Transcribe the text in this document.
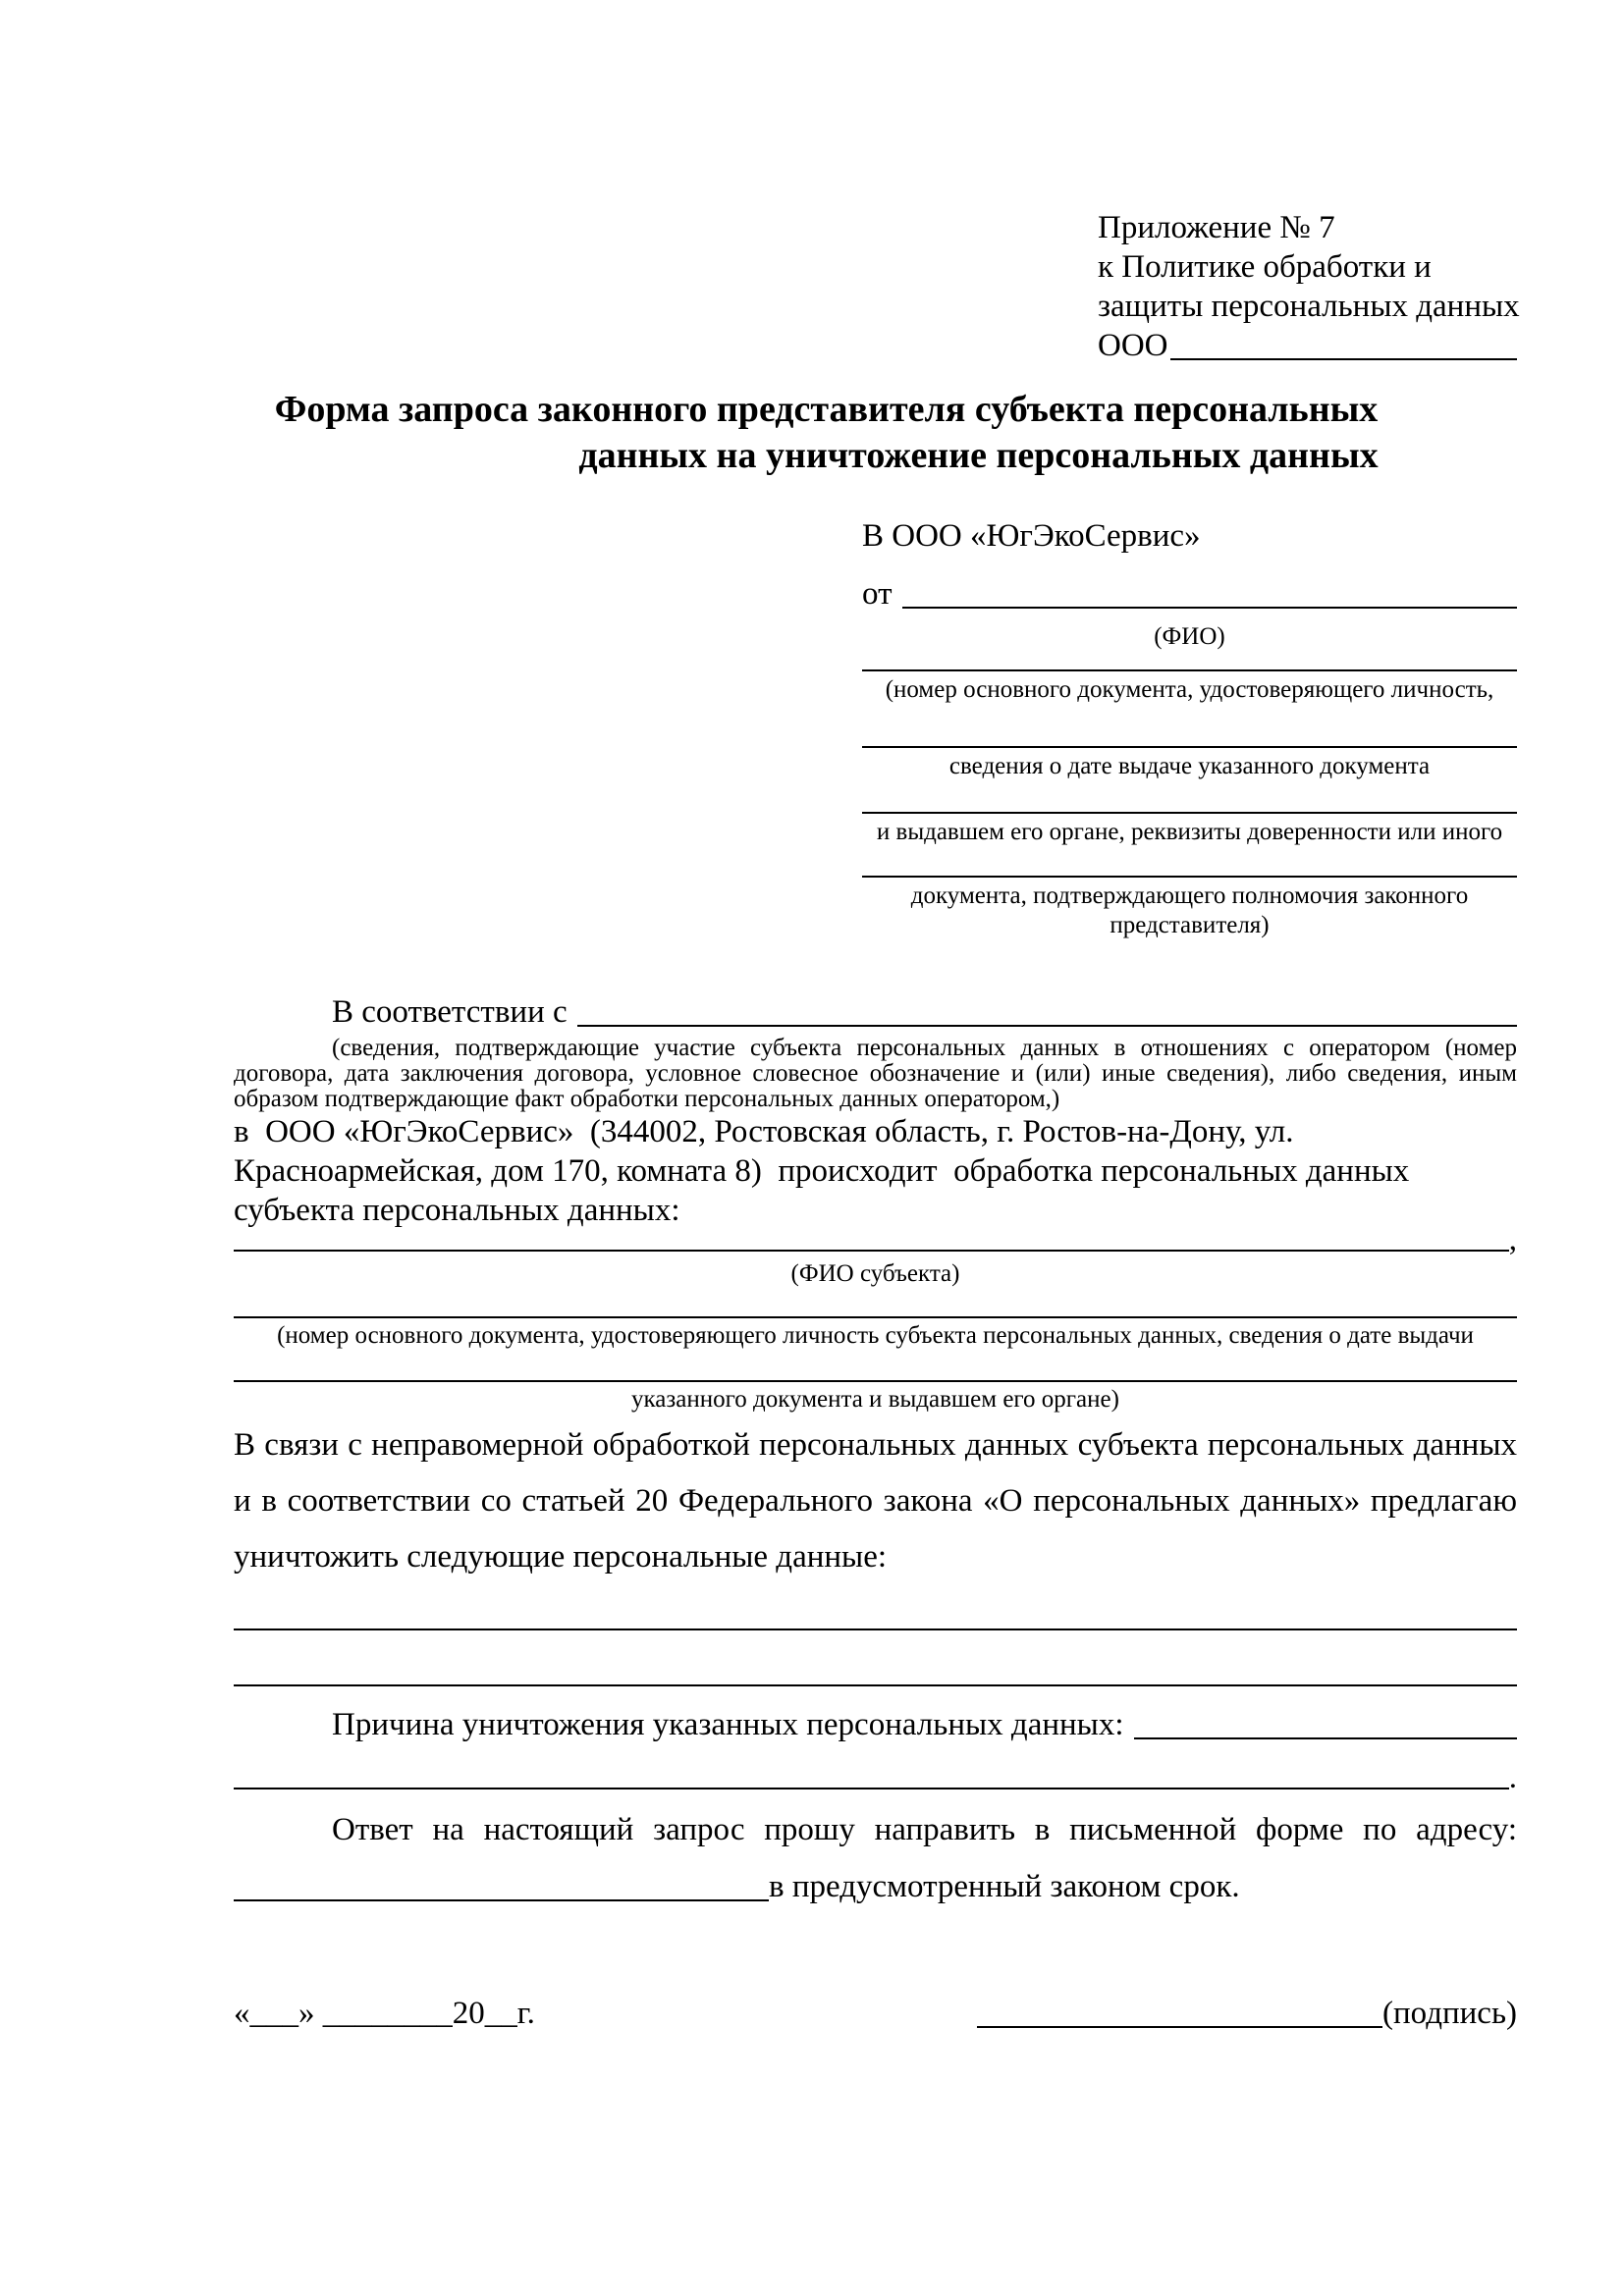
Приложение № 7
к Политике обработки и
защиты персональных данных
ООО
Форма запроса законного представителя субъекта персональных
данных на уничтожение персональных данных
В ООО «ЮгЭкоСервис»
от
(ФИО)
(номер основного документа, удостоверяющего личность,
сведения о дате выдаче указанного документа
и выдавшем его органе, реквизиты доверенности или иного
документа, подтверждающего полномочия законного представителя)
В соответствии с
(сведения, подтверждающие участие субъекта персональных данных в отношениях с оператором (номер договора, дата заключения договора, условное словесное обозначение и (или) иные сведения), либо сведения, иным образом подтверждающие факт обработки персональных данных оператором,)
в  ООО «ЮгЭкоСервис»  (344002, Ростовская область, г. Ростов-на-Дону, ул. Красноармейская, дом 170, комната 8)  происходит  обработка персональных данных субъекта персональных данных:
,
(ФИО субъекта)
(номер основного документа, удостоверяющего личность субъекта персональных данных, сведения о дате выдачи
указанного документа и выдавшем его органе)
В связи с неправомерной обработкой персональных данных субъекта персональных данных и в соответствии со статьей 20 Федерального закона «О персональных данных» предлагаю уничтожить следующие персональные данные:
Причина уничтожения указанных персональных данных:
.
Ответ на настоящий запрос прошу направить в письменной форме по адресу:
в предусмотренный законом срок.
«___» ________20__г.	(подпись)
